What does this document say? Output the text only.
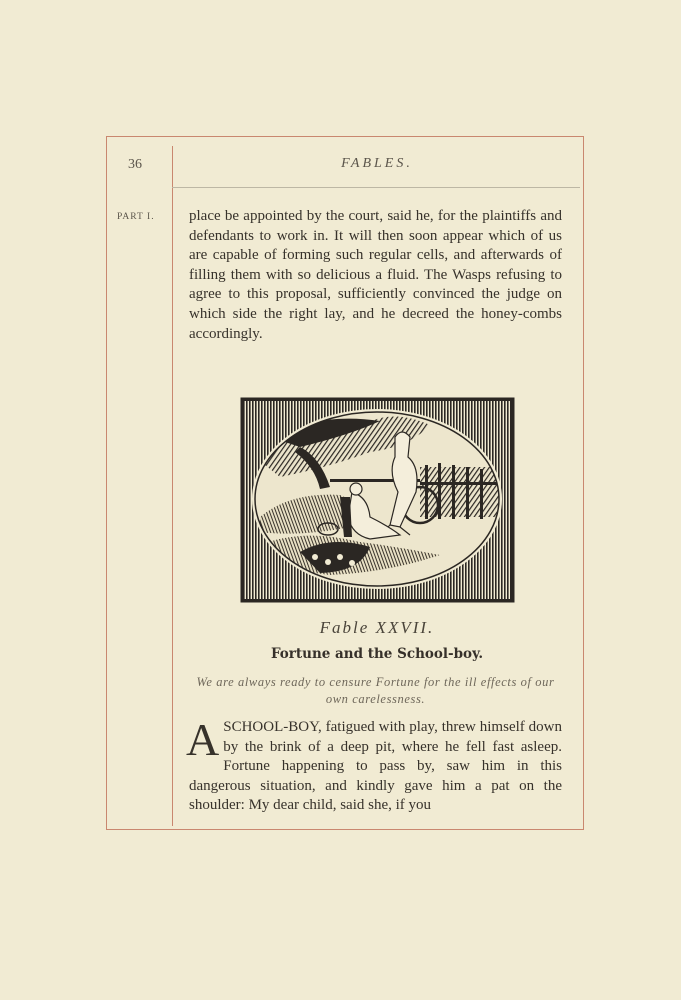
36	FABLES.
PART I. place be appointed by the court, said he, for the plaintiffs and defendants to work in. It will then soon appear which of us are capable of forming such regular cells, and afterwards of filling them with so delicious a fluid. The Wasps refusing to agree to this proposal, sufficiently convinced the judge on which side the right lay, and he decreed the honey-combs accordingly.

Fable XXVII.
Fortune and the School-boy.
We are always ready to censure Fortune for the ill effects of our own carelessness.

ASCHOOL-BOY, fatigued with play, threw himself down by the brink of a deep pit, where he fell fast asleep. Fortune happening to pass by, saw him in this dangerous situation, and kindly gave him a pat on the shoulder: My dear child, said she, if you
